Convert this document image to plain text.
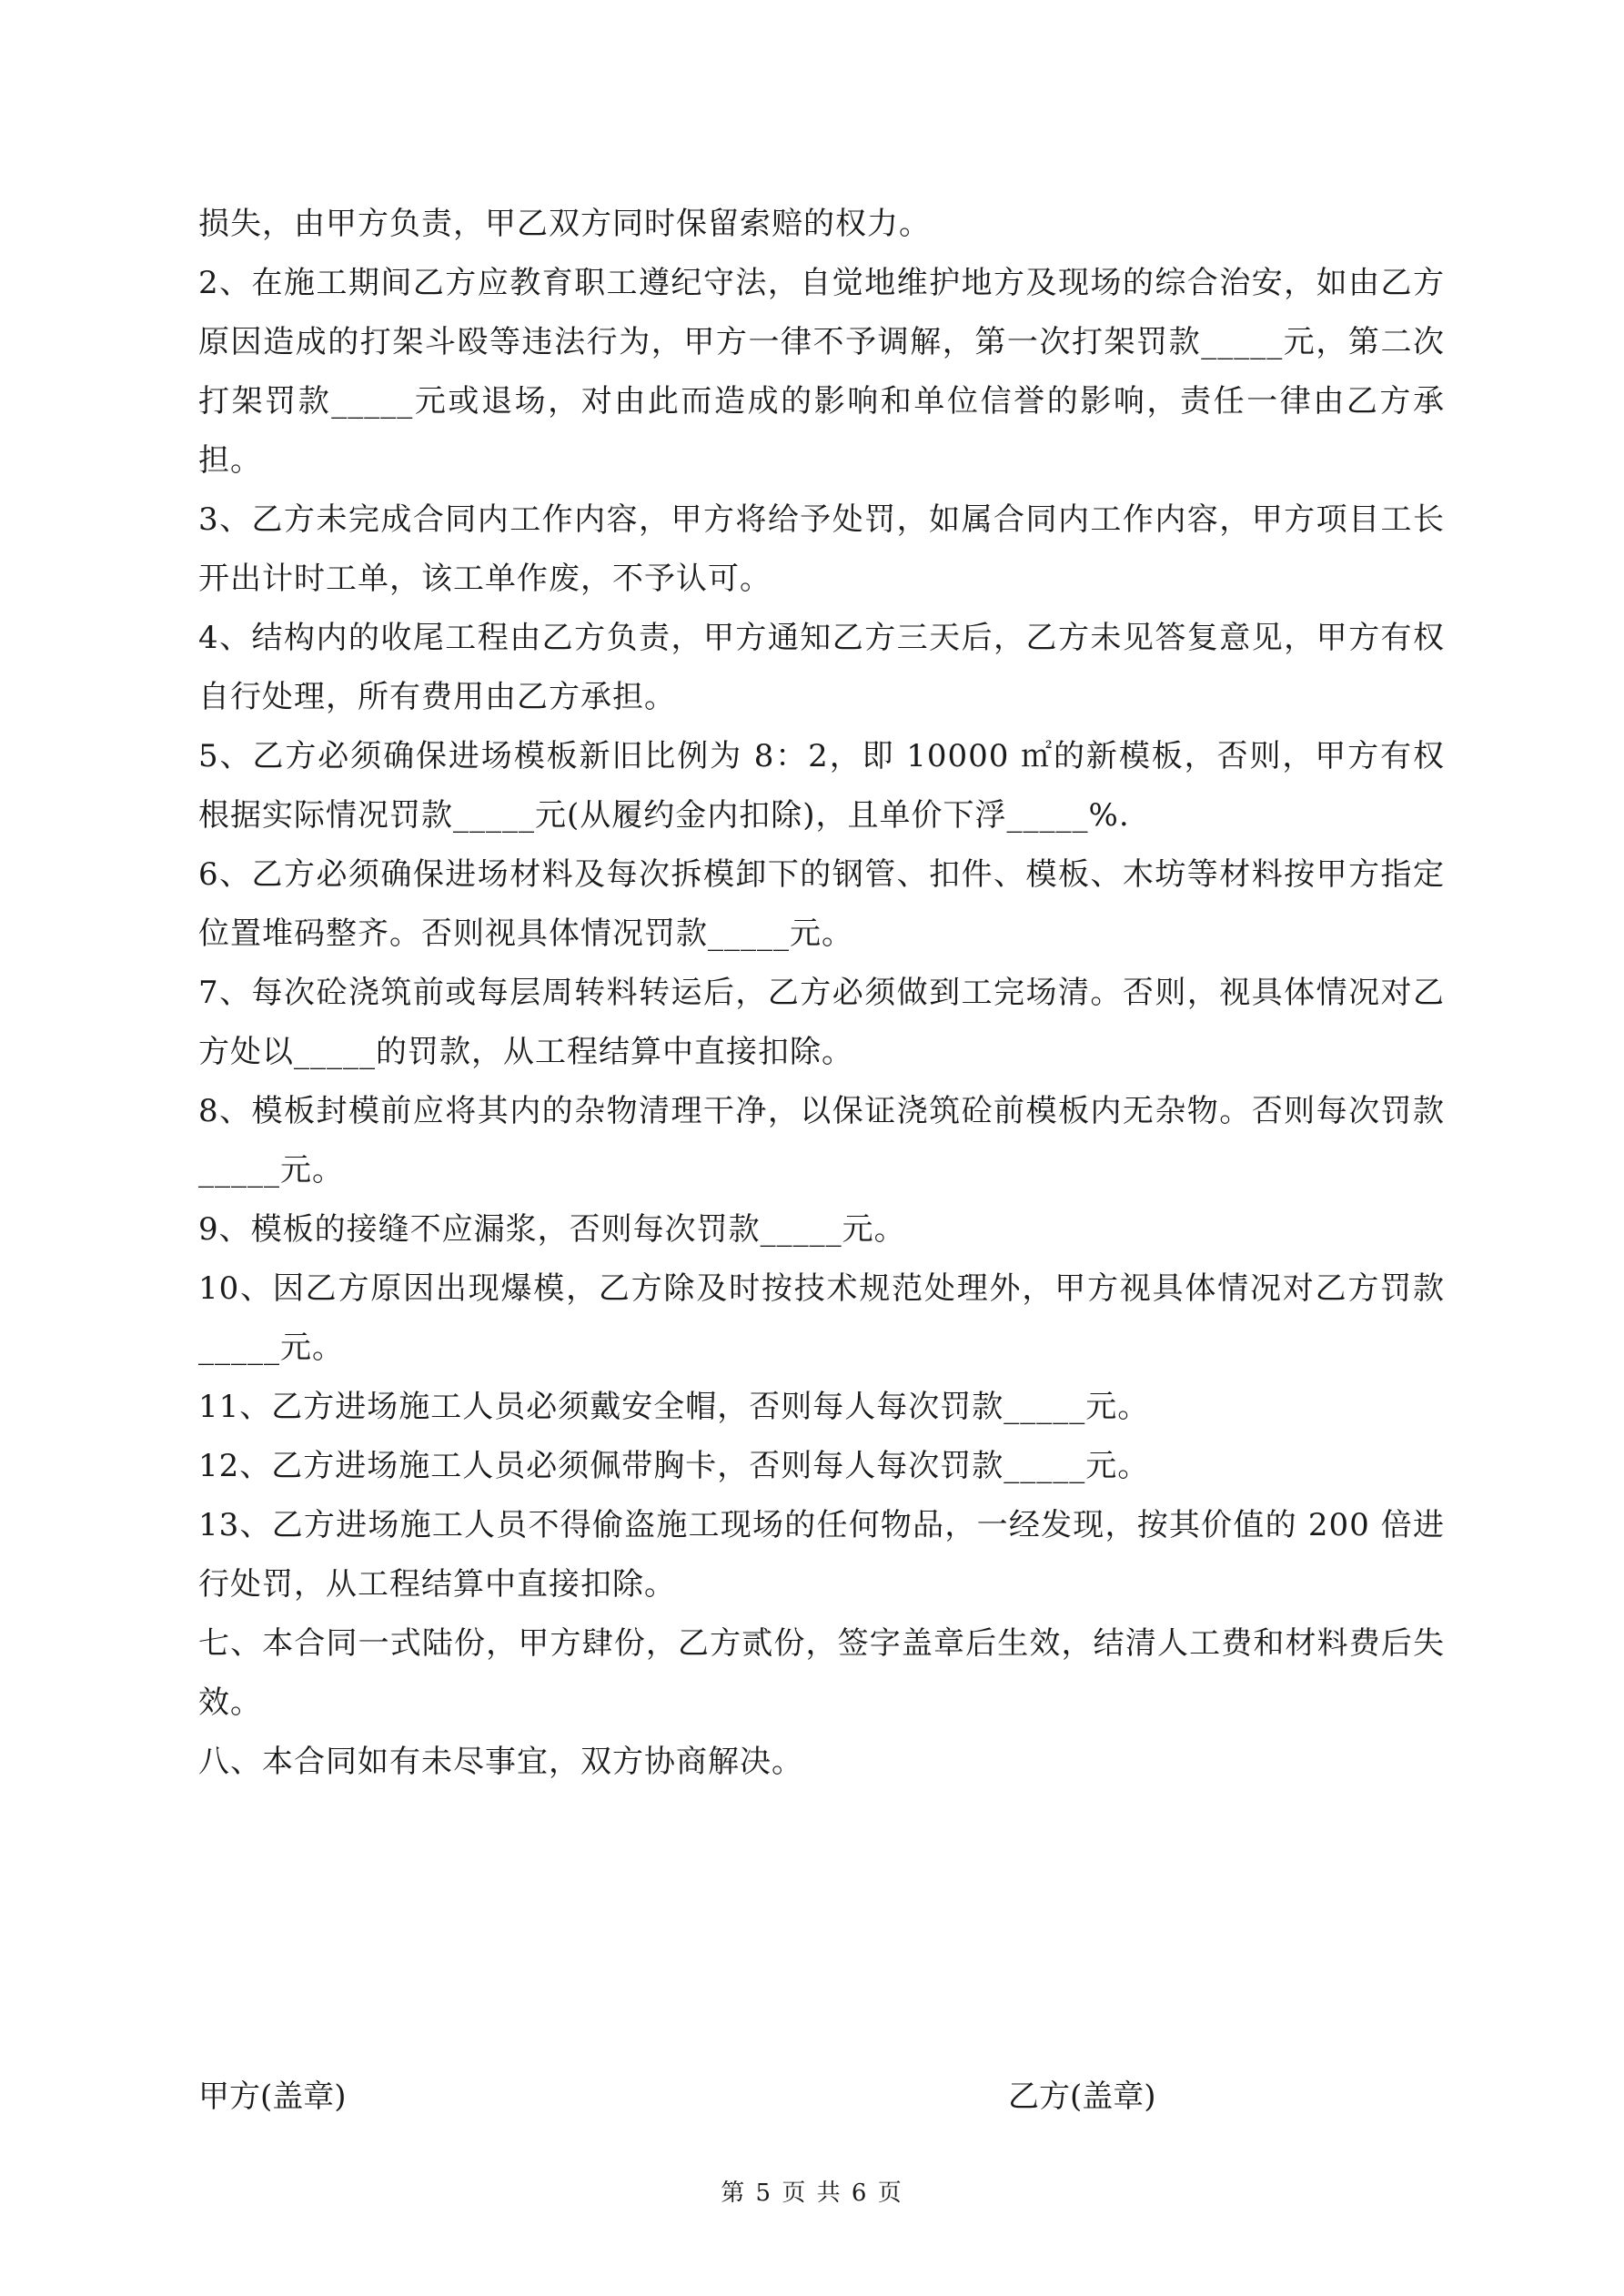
损失，由甲方负责，甲乙双方同时保留索赔的权力。

2、在施工期间乙方应教育职工遵纪守法，自觉地维护地方及现场的综合治安，如由乙方原因造成的打架斗殴等违法行为，甲方一律不予调解，第一次打架罚款_____元，第二次打架罚款_____元或退场，对由此而造成的影响和单位信誉的影响，责任一律由乙方承担。

3、乙方未完成合同内工作内容，甲方将给予处罚，如属合同内工作内容，甲方项目工长开出计时工单，该工单作废，不予认可。

4、结构内的收尾工程由乙方负责，甲方通知乙方三天后，乙方未见答复意见，甲方有权自行处理，所有费用由乙方承担。

5、乙方必须确保进场模板新旧比例为 8：2，即 10000 ㎡的新模板，否则，甲方有权根据实际情况罚款_____元(从履约金内扣除)，且单价下浮_____%.

6、乙方必须确保进场材料及每次拆模卸下的钢管、扣件、模板、木坊等材料按甲方指定位置堆码整齐。否则视具体情况罚款_____元。

7、每次砼浇筑前或每层周转料转运后，乙方必须做到工完场清。否则，视具体情况对乙方处以_____的罚款，从工程结算中直接扣除。

8、模板封模前应将其内的杂物清理干净，以保证浇筑砼前模板内无杂物。否则每次罚款_____元。

9、模板的接缝不应漏浆，否则每次罚款_____元。

10、因乙方原因出现爆模，乙方除及时按技术规范处理外，甲方视具体情况对乙方罚款_____元。

11、乙方进场施工人员必须戴安全帽，否则每人每次罚款_____元。

12、乙方进场施工人员必须佩带胸卡，否则每人每次罚款_____元。

13、乙方进场施工人员不得偷盗施工现场的任何物品，一经发现，按其价值的 200 倍进行处罚，从工程结算中直接扣除。

七、本合同一式陆份，甲方肆份，乙方贰份，签字盖章后生效，结清人工费和材料费后失效。

八、本合同如有未尽事宜，双方协商解决。

甲方(盖章)	乙方(盖章)
第 5 页 共 6 页
